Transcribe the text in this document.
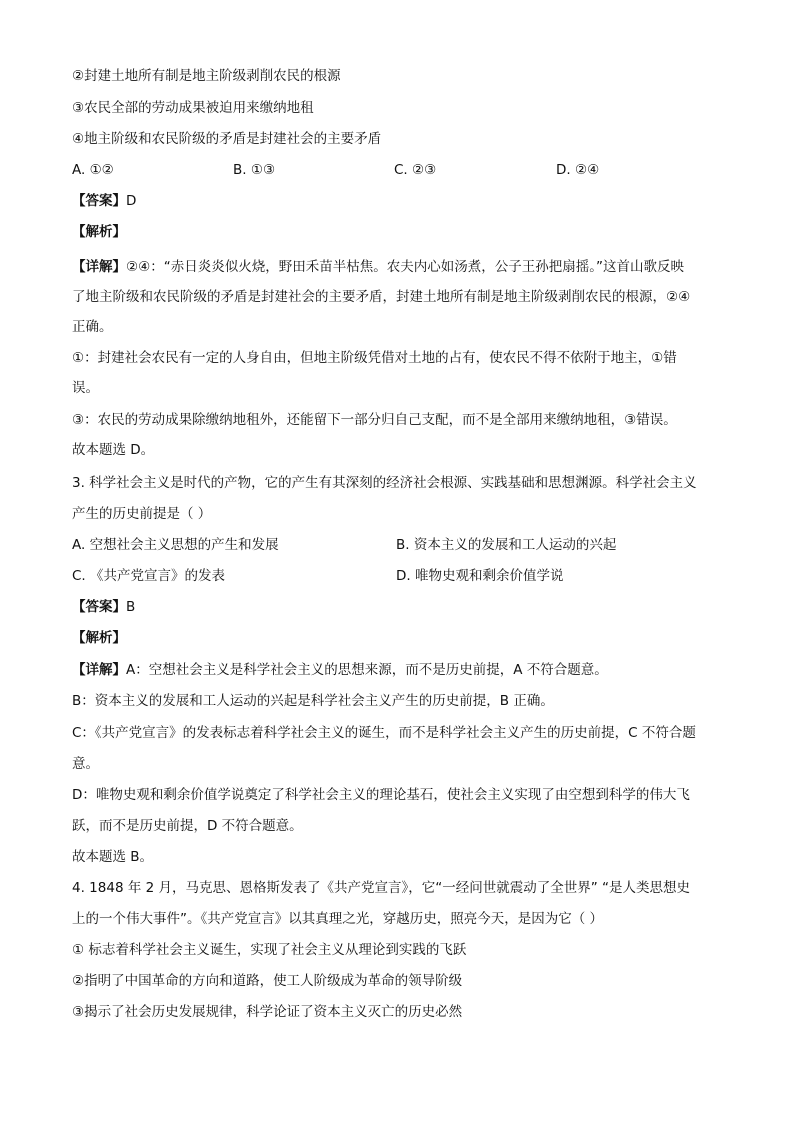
②封建土地所有制是地主阶级剥削农民的根源
③农民全部的劳动成果被迫用来缴纳地租
④地主阶级和农民阶级的矛盾是封建社会的主要矛盾
A. ①②	B. ①③	C. ②③	D. ②④
【答案】D
【解析】
【详解】②④：“赤日炎炎似火烧，野田禾苗半枯焦。农夫内心如汤煮，公子王孙把扇摇。”这首山歌反映
了地主阶级和农民阶级的矛盾是封建社会的主要矛盾，封建土地所有制是地主阶级剥削农民的根源，②④
正确。
①：封建社会农民有一定的人身自由，但地主阶级凭借对土地的占有，使农民不得不依附于地主，①错
误。
③：农民的劳动成果除缴纳地租外，还能留下一部分归自己支配，而不是全部用来缴纳地租，③错误。
故本题选 D。
3. 科学社会主义是时代的产物，它的产生有其深刻的经济社会根源、实践基础和思想渊源。科学社会主义
产生的历史前提是（ ）
A. 空想社会主义思想的产生和发展	B. 资本主义的发展和工人运动的兴起
C. 《共产党宣言》的发表	D. 唯物史观和剩余价值学说
【答案】B
【解析】
【详解】A：空想社会主义是科学社会主义的思想来源，而不是历史前提，A 不符合题意。
B：资本主义的发展和工人运动的兴起是科学社会主义产生的历史前提，B 正确。
C：《共产党宣言》的发表标志着科学社会主义的诞生，而不是科学社会主义产生的历史前提，C 不符合题
意。
D：唯物史观和剩余价值学说奠定了科学社会主义的理论基石，使社会主义实现了由空想到科学的伟大飞
跃，而不是历史前提，D 不符合题意。
故本题选 B。
4. 1848 年 2 月，马克思、恩格斯发表了《共产党宣言》，它“一经问世就震动了全世界” “是人类思想史
上的一个伟大事件”。《共产党宣言》以其真理之光，穿越历史，照亮今天，是因为它（ ）
① 标志着科学社会主义诞生，实现了社会主义从理论到实践的飞跃
②指明了中国革命的方向和道路，使工人阶级成为革命的领导阶级
③揭示了社会历史发展规律，科学论证了资本主义灭亡的历史必然
